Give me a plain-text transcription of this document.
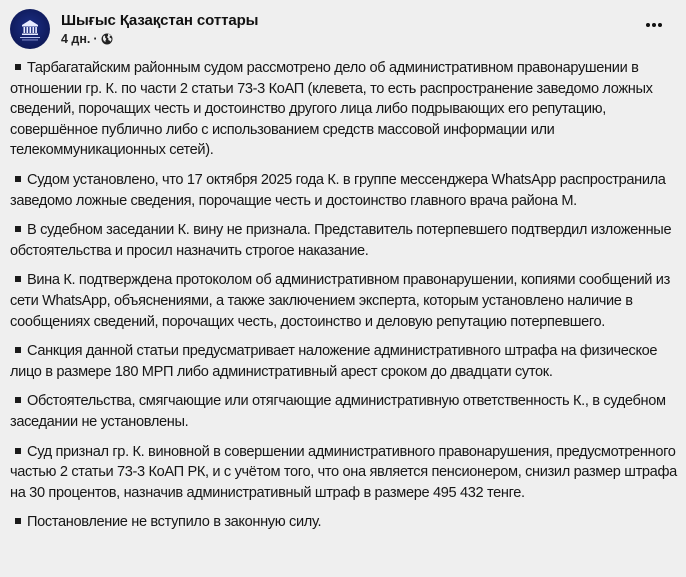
Шығыс Қазақстан соттары
4 дн. ·

Тарбагатайским районным судом рассмотрено дело об административном правонарушении в отношении гр. К. по части 2 статьи 73-3 КоАП (клевета, то есть распространение заведомо ложных сведений, порочащих честь и достоинство другого лица либо подрывающих его репутацию, совершённое публично либо с использованием средств массовой информации или телекоммуникационных сетей).

Судом установлено, что 17 октября 2025 года К. в группе мессенджера WhatsApp распространила заведомо ложные сведения, порочащие честь и достоинство главного врача района М.

В судебном заседании К. вину не признала. Представитель потерпевшего подтвердил изложенные обстоятельства и просил назначить строгое наказание.

Вина К. подтверждена протоколом об административном правонарушении, копиями сообщений из сети WhatsApp, объяснениями, а также заключением эксперта, которым установлено наличие в сообщениях сведений, порочащих честь, достоинство и деловую репутацию потерпевшего.

Санкция данной статьи предусматривает наложение административного штрафа на физическое лицо в размере 180 МРП либо административный арест сроком до двадцати суток.

Обстоятельства, смягчающие или отягчающие административную ответственность К., в судебном заседании не установлены.

Суд признал гр. К. виновной в совершении административного правонарушения, предусмотренного частью 2 статьи 73-3 КоАП РК, и с учётом того, что она является пенсионером, снизил размер штрафа на 30 процентов, назначив административный штраф в размере 495 432 тенге.

Постановление не вступило в законную силу.
